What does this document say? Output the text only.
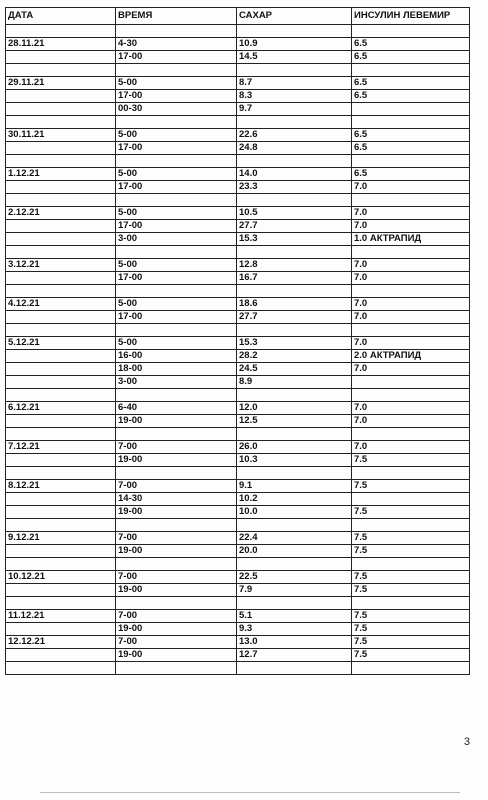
ДАТА	ВРЕМЯ	САХАР	ИНСУЛИН ЛЕВЕМИР

28.11.21	4-30	10.9	6.5
	17-00	14.5	6.5

29.11.21	5-00	8.7	6.5
	17-00	8.3	6.5
	00-30	9.7	

30.11.21	5-00	22.6	6.5
	17-00	24.8	6.5

1.12.21	5-00	14.0	6.5
	17-00	23.3	7.0

2.12.21	5-00	10.5	7.0
	17-00	27.7	7.0
	3-00	15.3	1.0 АКТРАПИД

3.12.21	5-00	12.8	7.0
	17-00	16.7	7.0

4.12.21	5-00	18.6	7.0
	17-00	27.7	7.0

5.12.21	5-00	15.3	7.0
	16-00	28.2	2.0 АКТРАПИД
	18-00	24.5	7.0
	3-00	8.9	

6.12.21	6-40	12.0	7.0
	19-00	12.5	7.0

7.12.21	7-00	26.0	7.0
	19-00	10.3	7.5

8.12.21	7-00	9.1	7.5
	14-30	10.2	
	19-00	10.0	7.5

9.12.21	7-00	22.4	7.5
	19-00	20.0	7.5

10.12.21	7-00	22.5	7.5
	19-00	7.9	7.5

11.12.21	7-00	5.1	7.5
	19-00	9.3	7.5
12.12.21	7-00	13.0	7.5
	19-00	12.7	7.5

3
